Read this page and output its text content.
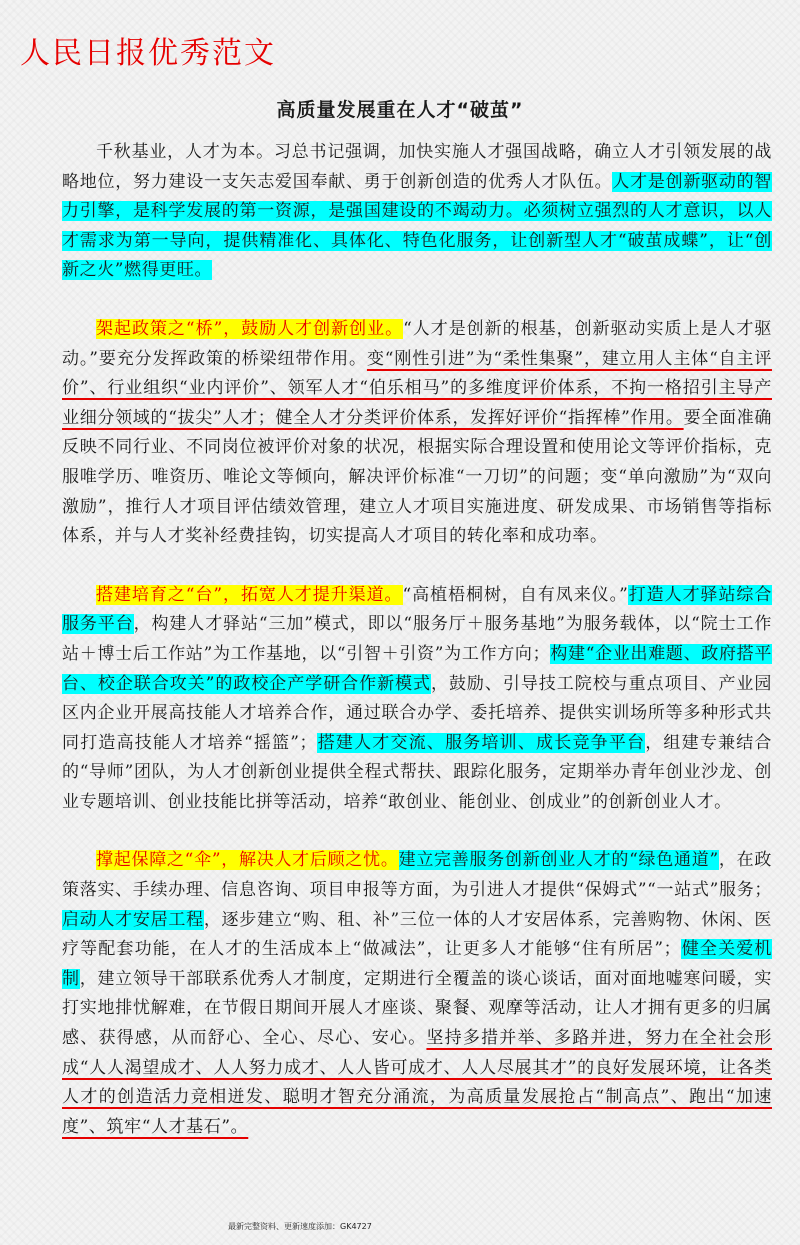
人民日报优秀范文
高质量发展重在人才“破茧”

千秋基业，人才为本。习总书记强调，加快实施人才强国战略，确立人才引领发展的战略地位，努力建设一支矢志爱国奉献、勇于创新创造的优秀人才队伍。人才是创新驱动的智力引擎，是科学发展的第一资源，是强国建设的不竭动力。必须树立强烈的人才意识，以人才需求为第一导向，提供精准化、具体化、特色化服务，让创新型人才“破茧成蝶”，让“创新之火”燃得更旺。

架起政策之“桥”，鼓励人才创新创业。“人才是创新的根基，创新驱动实质上是人才驱动。”要充分发挥政策的桥梁纽带作用。变“刚性引进”为“柔性集聚”，建立用人主体“自主评价”、行业组织“业内评价”、领军人才“伯乐相马”的多维度评价体系，不拘一格招引主导产业细分领域的“拔尖”人才；健全人才分类评价体系，发挥好评价“指挥棒”作用。要全面准确反映不同行业、不同岗位被评价对象的状况，根据实际合理设置和使用论文等评价指标，克服唯学历、唯资历、唯论文等倾向，解决评价标准“一刀切”的问题；变“单向激励”为“双向激励”，推行人才项目评估绩效管理，建立人才项目实施进度、研发成果、市场销售等指标体系，并与人才奖补经费挂钩，切实提高人才项目的转化率和成功率。

搭建培育之“台”，拓宽人才提升渠道。“高植梧桐树，自有凤来仪。”打造人才驿站综合服务平台，构建人才驿站“三加”模式，即以“服务厅＋服务基地”为服务载体，以“院士工作站＋博士后工作站”为工作基地，以“引智＋引资”为工作方向；构建“企业出难题、政府搭平台、校企联合攻关”的政校企产学研合作新模式，鼓励、引导技工院校与重点项目、产业园区内企业开展高技能人才培养合作，通过联合办学、委托培养、提供实训场所等多种形式共同打造高技能人才培养“摇篮”；搭建人才交流、服务培训、成长竞争平台，组建专兼结合的“导师”团队，为人才创新创业提供全程式帮扶、跟踪化服务，定期举办青年创业沙龙、创业专题培训、创业技能比拼等活动，培养“敢创业、能创业、创成业”的创新创业人才。

撑起保障之“伞”，解决人才后顾之忧。建立完善服务创新创业人才的“绿色通道”，在政策落实、手续办理、信息咨询、项目申报等方面，为引进人才提供“保姆式”“一站式”服务；启动人才安居工程，逐步建立“购、租、补”三位一体的人才安居体系，完善购物、休闲、医疗等配套功能，在人才的生活成本上“做减法”，让更多人才能够“住有所居”；健全关爱机制，建立领导干部联系优秀人才制度，定期进行全覆盖的谈心谈话，面对面地嘘寒问暖，实打实地排忧解难，在节假日期间开展人才座谈、聚餐、观摩等活动，让人才拥有更多的归属感、获得感，从而舒心、全心、尽心、安心。坚持多措并举、多路并进，努力在全社会形成“人人渴望成才、人人努力成才、人人皆可成才、人人尽展其才”的良好发展环境，让各类人才的创造活力竞相迸发、聪明才智充分涌流，为高质量发展抢占“制高点”、跑出“加速度”、筑牢“人才基石”。

最新完整资料、更新速度添加：GK4727
